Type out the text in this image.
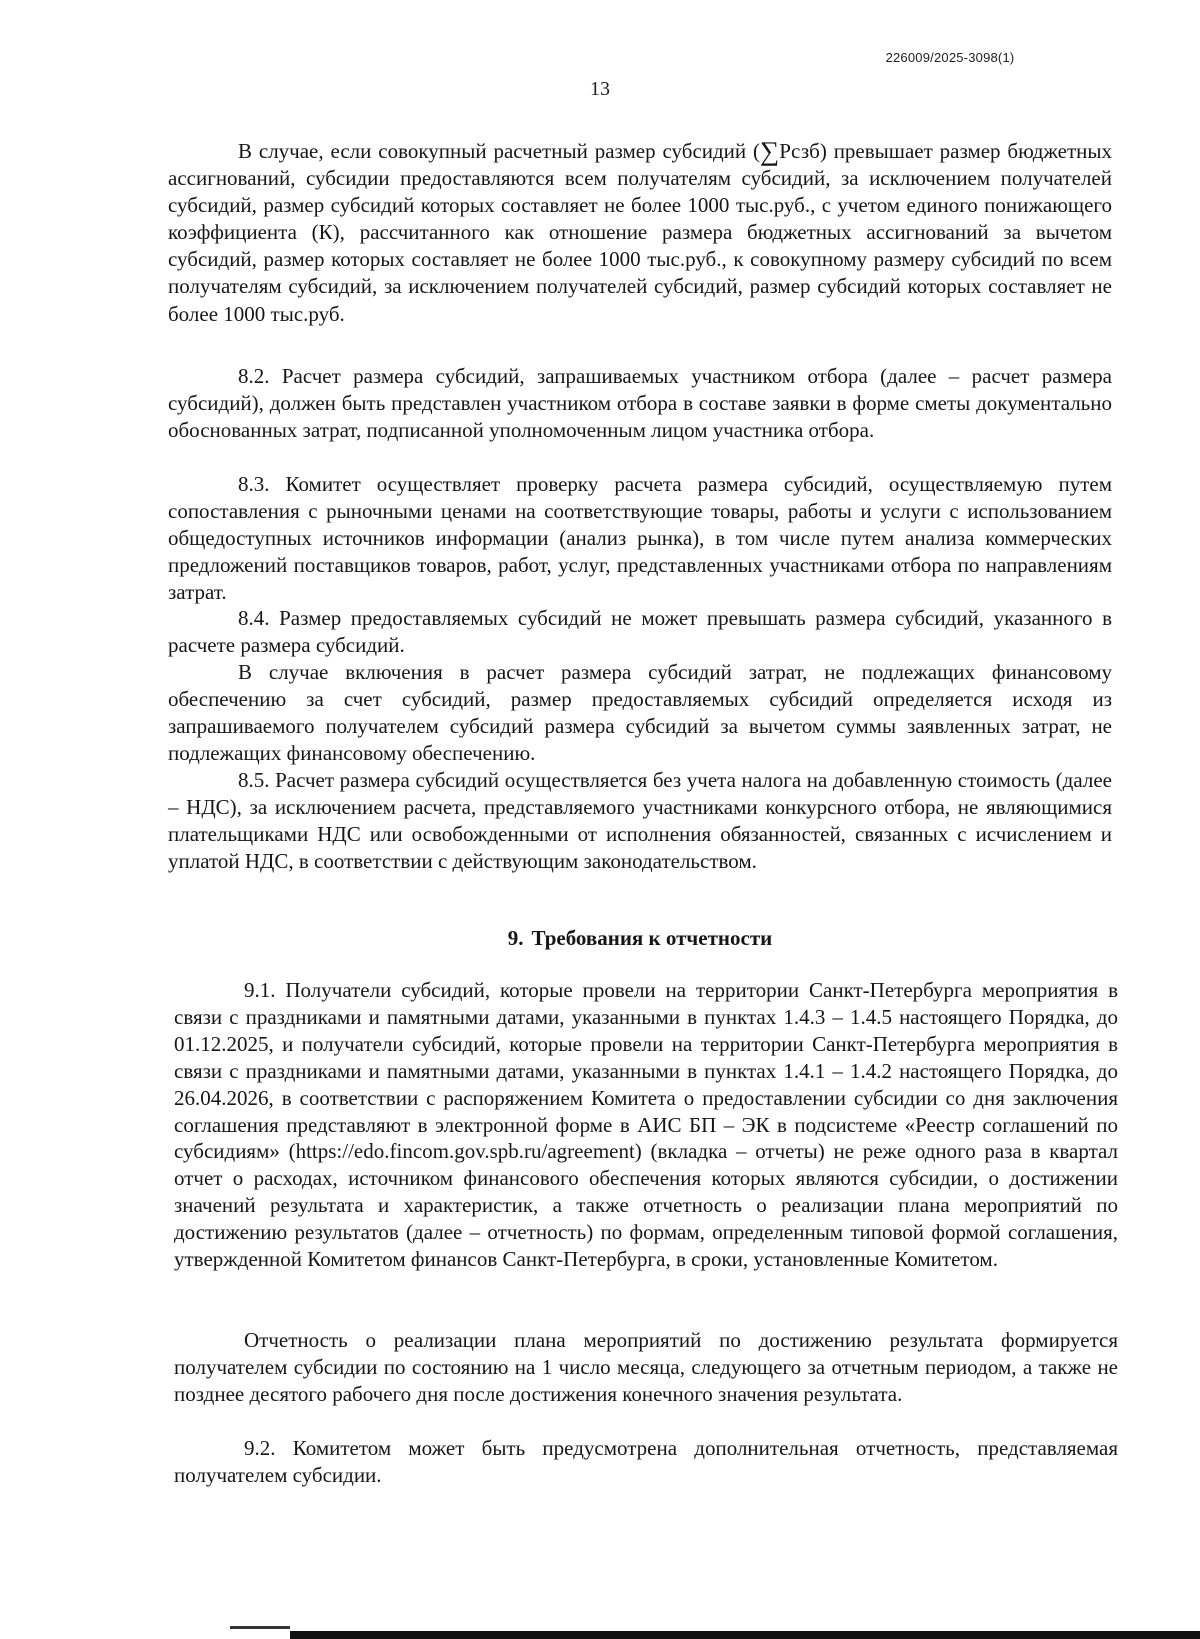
226009/2025-3098(1)
13

В случае, если совокупный расчетный размер субсидий (∑Рсзб) превышает размер бюджетных ассигнований, субсидии предоставляются всем получателям субсидий, за исключением получателей субсидий, размер субсидий которых составляет не более 1000 тыс.руб., с учетом единого понижающего коэффициента (К), рассчитанного как отношение размера бюджетных ассигнований за вычетом субсидий, размер которых составляет не более 1000 тыс.руб., к совокупному размеру субсидий по всем получателям субсидий, за исключением получателей субсидий, размер субсидий которых составляет не более 1000 тыс.руб.

8.2. Расчет размера субсидий, запрашиваемых участником отбора (далее – расчет размера субсидий), должен быть представлен участником отбора в составе заявки в форме сметы документально обоснованных затрат, подписанной уполномоченным лицом участника отбора.

8.3. Комитет осуществляет проверку расчета размера субсидий, осуществляемую путем сопоставления с рыночными ценами на соответствующие товары, работы и услуги с использованием общедоступных источников информации (анализ рынка), в том числе путем анализа коммерческих предложений поставщиков товаров, работ, услуг, представленных участниками отбора по направлениям затрат.

8.4. Размер предоставляемых субсидий не может превышать размера субсидий, указанного в расчете размера субсидий.

В случае включения в расчет размера субсидий затрат, не подлежащих финансовому обеспечению за счет субсидий, размер предоставляемых субсидий определяется исходя из запрашиваемого получателем субсидий размера субсидий за вычетом суммы заявленных затрат, не подлежащих финансовому обеспечению.

8.5. Расчет размера субсидий осуществляется без учета налога на добавленную стоимость (далее – НДС), за исключением расчета, представляемого участниками конкурсного отбора, не являющимися плательщиками НДС или освобожденными от исполнения обязанностей, связанных с исчислением и уплатой НДС, в соответствии с действующим законодательством.

9. Требования к отчетности

9.1. Получатели субсидий, которые провели на территории Санкт-Петербурга мероприятия в связи с праздниками и памятными датами, указанными в пунктах 1.4.3 – 1.4.5 настоящего Порядка, до 01.12.2025, и получатели субсидий, которые провели на территории Санкт-Петербурга мероприятия в связи с праздниками и памятными датами, указанными в пунктах 1.4.1 – 1.4.2 настоящего Порядка, до 26.04.2026, в соответствии с распоряжением Комитета о предоставлении субсидии со дня заключения соглашения представляют в электронной форме в АИС БП – ЭК в подсистеме «Реестр соглашений по субсидиям» (https://edo.fincom.gov.spb.ru/agreement) (вкладка – отчеты) не реже одного раза в квартал отчет о расходах, источником финансового обеспечения которых являются субсидии, о достижении значений результата и характеристик, а также отчетность о реализации плана мероприятий по достижению результатов (далее – отчетность) по формам, определенным типовой формой соглашения, утвержденной Комитетом финансов Санкт-Петербурга, в сроки, установленные Комитетом.

Отчетность о реализации плана мероприятий по достижению результата формируется получателем субсидии по состоянию на 1 число месяца, следующего за отчетным периодом, а также не позднее десятого рабочего дня после достижения конечного значения результата.

9.2. Комитетом может быть предусмотрена дополнительная отчетность, представляемая получателем субсидии.
